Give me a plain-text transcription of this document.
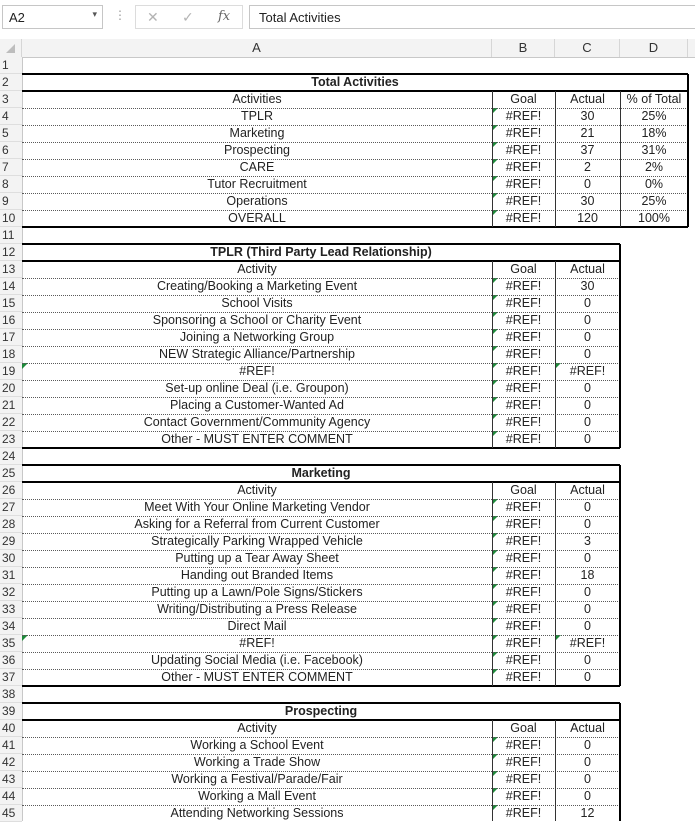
A2	▾ ⋮ ✕ ✓ fx Total Activities
A	B	C	D
1
2
3
4
5
6
7
8
9
10
11
12
13
14
15
16
17
18
19
20
21
22
23
24
25
26
27
28
29
30
31
32
33
34
35
36
37
38
39
40
41
42
43
44
45
Total Activities
Activities	Goal	Actual	% of Total
TPLR	#REF!	30	25%
Marketing	#REF!	21	18%
Prospecting	#REF!	37	31%
CARE	#REF!	2	2%
Tutor Recruitment	#REF!	0	0%
Operations	#REF!	30	25%
OVERALL	#REF!	120	100%
TPLR (Third Party Lead Relationship)
Activity	Goal	Actual
Creating/Booking a Marketing Event	#REF!	30
School Visits	#REF!	0
Sponsoring a School or Charity Event	#REF!	0
Joining a Networking Group	#REF!	0
NEW Strategic Alliance/Partnership	#REF!	0
#REF!	#REF!	#REF!
Set-up online Deal (i.e. Groupon)	#REF!	0
Placing a Customer-Wanted Ad	#REF!	0
Contact Government/Community Agency	#REF!	0
Other - MUST ENTER COMMENT	#REF!	0
Marketing
Activity	Goal	Actual
Meet With Your Online Marketing Vendor	#REF!	0
Asking for a Referral from Current Customer	#REF!	0
Strategically Parking Wrapped Vehicle	#REF!	3
Putting up a Tear Away Sheet	#REF!	0
Handing out Branded Items	#REF!	18
Putting up a Lawn/Pole Signs/Stickers	#REF!	0
Writing/Distributing a Press Release	#REF!	0
Direct Mail	#REF!	0
#REF!	#REF!	#REF!
Updating Social Media (i.e. Facebook)	#REF!	0
Other - MUST ENTER COMMENT	#REF!	0
Prospecting
Activity	Goal	Actual
Working a School Event	#REF!	0
Working a Trade Show	#REF!	0
Working a Festival/Parade/Fair	#REF!	0
Working a Mall Event	#REF!	0
Attending Networking Sessions	#REF!	12
